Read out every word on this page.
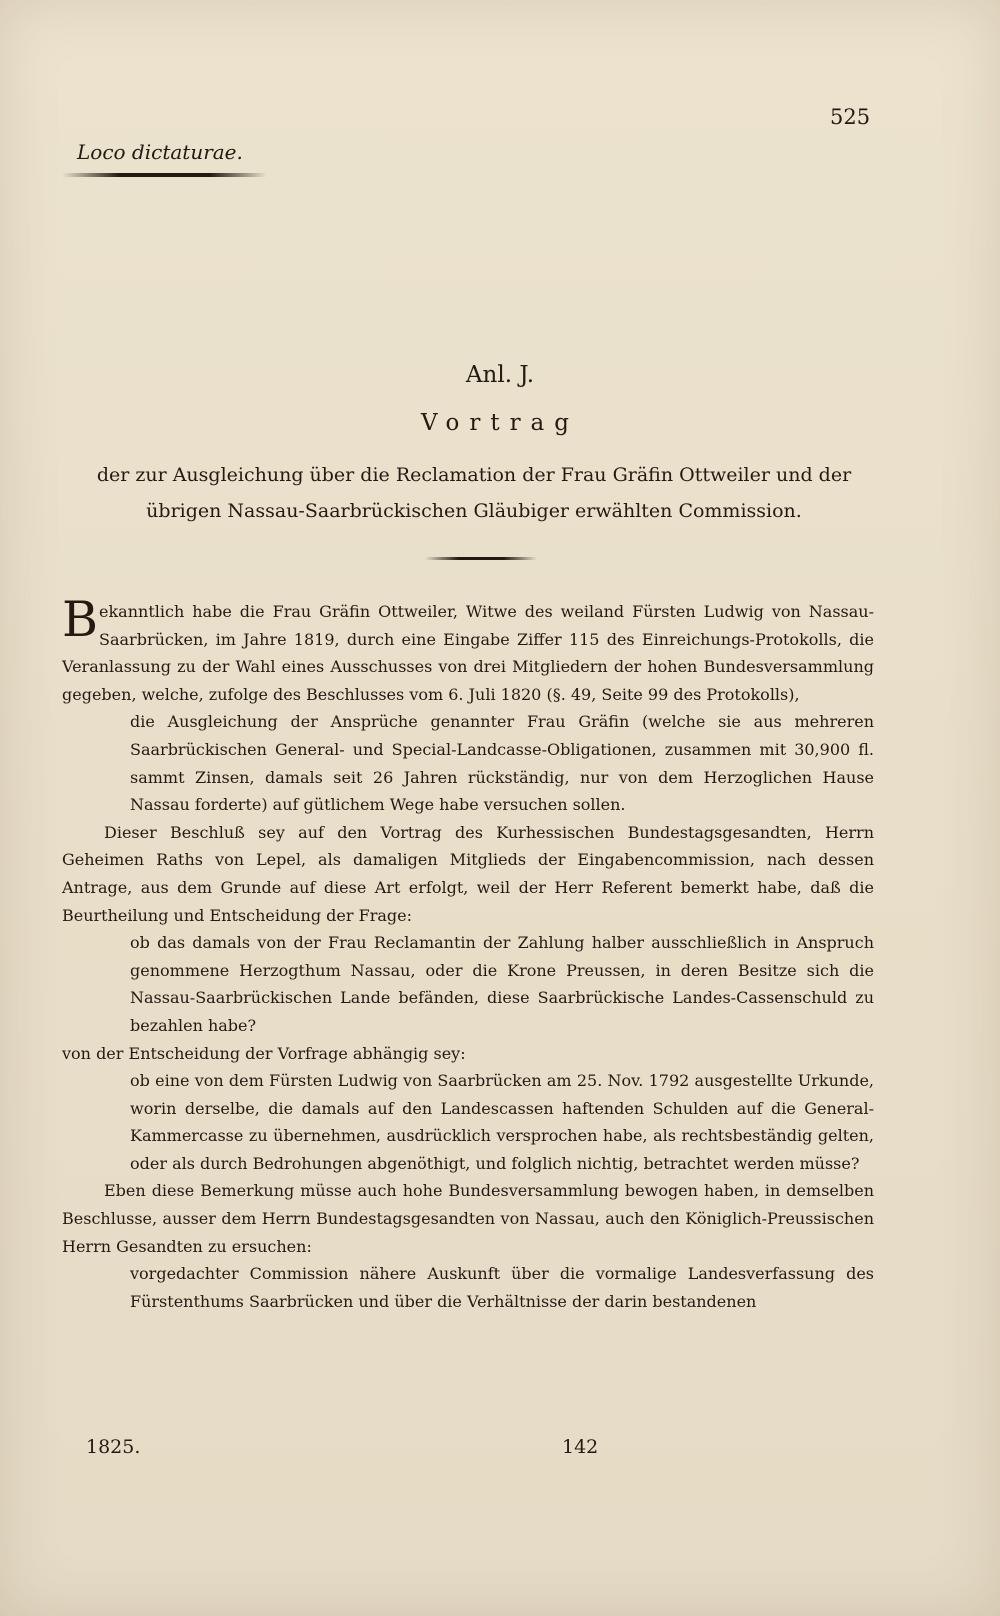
525
Loco dictaturae.
Anl. J.
Vortrag
der zur Ausgleichung über die Reclamation der Frau Gräfin Ottweiler und der übrigen Nassau-Saarbrückischen Gläubiger erwählten Commission.

B ekanntlich habe die Frau Gräfin Ottweiler, Witwe des weiland Fürsten Ludwig von Nassau-Saarbrücken, im Jahre 1819, durch eine Eingabe Ziffer 115 des Einreichungs-Protokolls, die Veranlassung zu der Wahl eines Ausschusses von drei Mitgliedern der hohen Bundesversammlung gegeben, welche, zufolge des Beschlusses vom 6. Juli 1820 (§. 49, Seite 99 des Protokolls),

die Ausgleichung der Ansprüche genannter Frau Gräfin (welche sie aus mehreren Saarbrückischen General- und Special-Landcasse-Obligationen, zusammen mit 30,900 fl. sammt Zinsen, damals seit 26 Jahren rückständig, nur von dem Herzoglichen Hause Nassau forderte) auf gütlichem Wege habe versuchen sollen.

Dieser Beschluß sey auf den Vortrag des Kurhessischen Bundestagsgesandten, Herrn Geheimen Raths von Lepel, als damaligen Mitglieds der Eingabencommission, nach dessen Antrage, aus dem Grunde auf diese Art erfolgt, weil der Herr Referent bemerkt habe, daß die Beurtheilung und Entscheidung der Frage:

ob das damals von der Frau Reclamantin der Zahlung halber ausschließlich in Anspruch genommene Herzogthum Nassau, oder die Krone Preussen, in deren Besitze sich die Nassau-Saarbrückischen Lande befänden, diese Saarbrückische Landes-Cassenschuld zu bezahlen habe?

von der Entscheidung der Vorfrage abhängig sey:

ob eine von dem Fürsten Ludwig von Saarbrücken am 25. Nov. 1792 ausgestellte Urkunde, worin derselbe, die damals auf den Landescassen haftenden Schulden auf die General-Kammercasse zu übernehmen, ausdrücklich versprochen habe, als rechtsbeständig gelten, oder als durch Bedrohungen abgenöthigt, und folglich nichtig, betrachtet werden müsse?

Eben diese Bemerkung müsse auch hohe Bundesversammlung bewogen haben, in demselben Beschlusse, ausser dem Herrn Bundestagsgesandten von Nassau, auch den Königlich-Preussischen Herrn Gesandten zu ersuchen:

vorgedachter Commission nähere Auskunft über die vormalige Landesverfassung des Fürstenthums Saarbrücken und über die Verhältnisse der darin bestandenen

1825.	142
